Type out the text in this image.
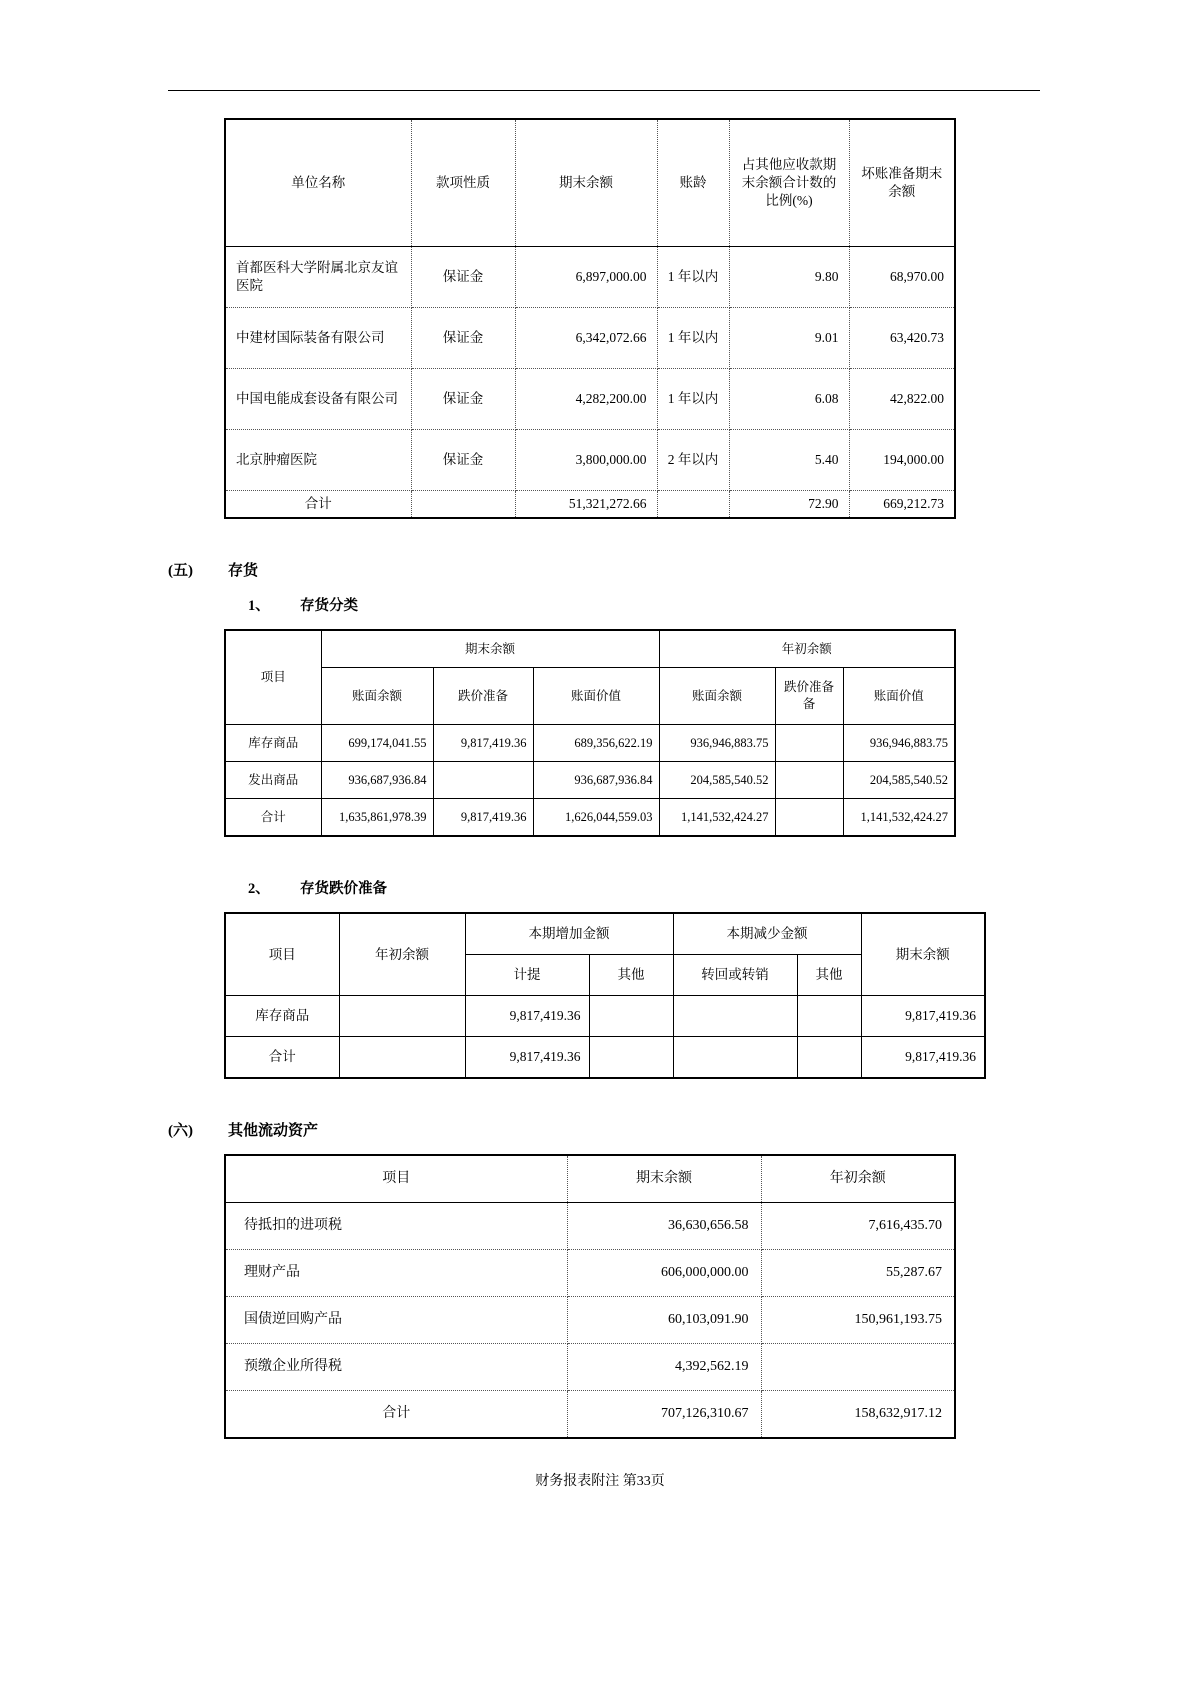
单位名称	款项性质	期末余额	账龄	占其他应收款期末余额合计数的比例(%)	坏账准备期末余额
首都医科大学附属北京友谊医院	保证金	6,897,000.00	1 年以内	9.80	68,970.00
中建材国际装备有限公司	保证金	6,342,072.66	1 年以内	9.01	63,420.73
中国电能成套设备有限公司	保证金	4,282,200.00	1 年以内	6.08	42,822.00
北京肿瘤医院	保证金	3,800,000.00	2 年以内	5.40	194,000.00
合计		51,321,272.66		72.90	669,212.73
(五)	存货
1、	存货分类
项目	期末余额			年初余额		
	账面余额	跌价准备	账面价值	账面余额	跌价准备备	账面价值
库存商品	699,174,041.55	9,817,419.36	689,356,622.19	936,946,883.75		936,946,883.75
发出商品	936,687,936.84		936,687,936.84	204,585,540.52		204,585,540.52
合计	1,635,861,978.39	9,817,419.36	1,626,044,559.03	1,141,532,424.27		1,141,532,424.27
2、	存货跌价准备
项目	年初余额	本期增加金额		本期减少金额		期末余额
		计提	其他	转回或转销	其他	
库存商品		9,817,419.36				9,817,419.36
合计		9,817,419.36				9,817,419.36
(六)	其他流动资产
项目	期末余额	年初余额
待抵扣的进项税	36,630,656.58	7,616,435.70
理财产品	606,000,000.00	55,287.67
国债逆回购产品	60,103,091.90	150,961,193.75
预缴企业所得税	4,392,562.19	
合计	707,126,310.67	158,632,917.12
财务报表附注 第33页
